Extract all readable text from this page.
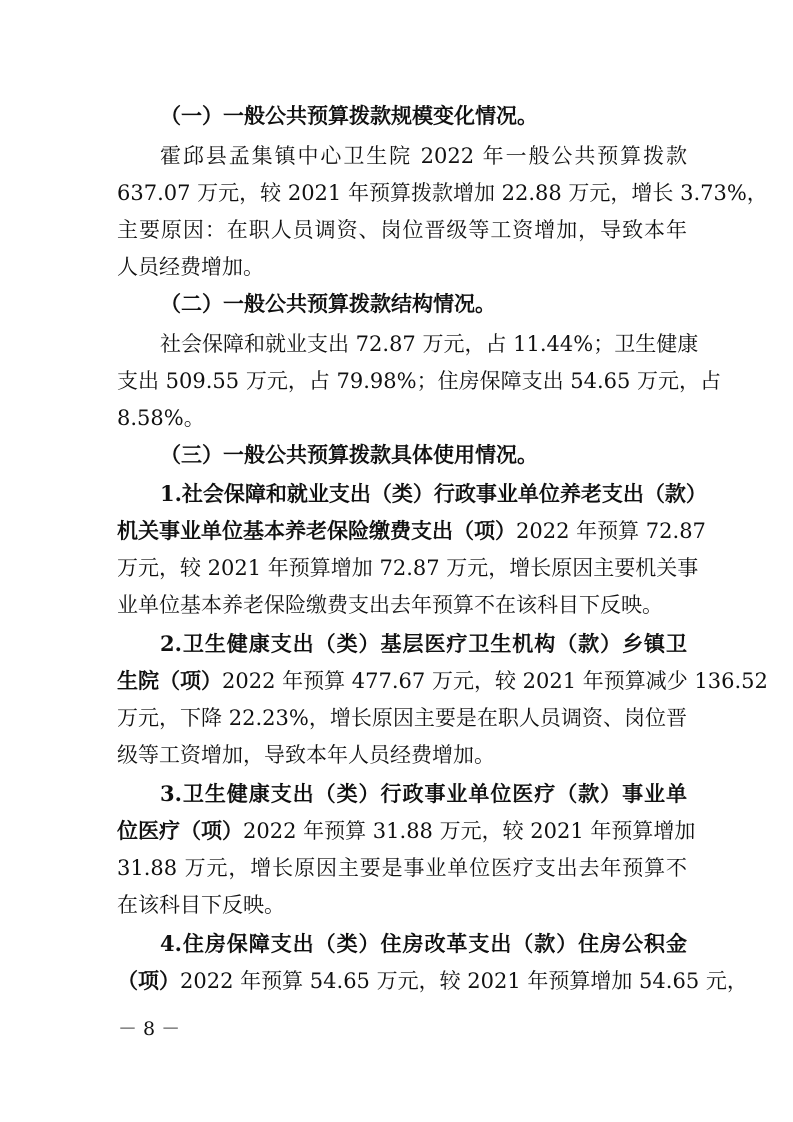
（一）一般公共预算拨款规模变化情况。
霍邱县孟集镇中心卫生院 2022 年一般公共预算拨款
637.07 万元，较 2021 年预算拨款增加 22.88 万元，增长 3.73%，
主要原因：在职人员调资、岗位晋级等工资增加，导致本年
人员经费增加。
（二）一般公共预算拨款结构情况。
社会保障和就业支出 72.87 万元，占 11.44%；卫生健康
支出 509.55 万元，占 79.98%；住房保障支出 54.65 万元，占
8.58%。
（三）一般公共预算拨款具体使用情况。
1.社会保障和就业支出（类）行政事业单位养老支出（款）
机关事业单位基本养老保险缴费支出（项）2022 年预算 72.87
万元，较 2021 年预算增加 72.87 万元，增长原因主要机关事
业单位基本养老保险缴费支出去年预算不在该科目下反映。
2.卫生健康支出（类）基层医疗卫生机构（款）乡镇卫
生院（项）2022 年预算 477.67 万元，较 2021 年预算减少 136.52
万元，下降 22.23%，增长原因主要是在职人员调资、岗位晋
级等工资增加，导致本年人员经费增加。
3.卫生健康支出（类）行政事业单位医疗（款）事业单
位医疗（项）2022 年预算 31.88 万元，较 2021 年预算增加
31.88 万元，增长原因主要是事业单位医疗支出去年预算不
在该科目下反映。
4.住房保障支出（类）住房改革支出（款）住房公积金
（项）2022 年预算 54.65 万元，较 2021 年预算增加 54.65 元，
－ 8 －
